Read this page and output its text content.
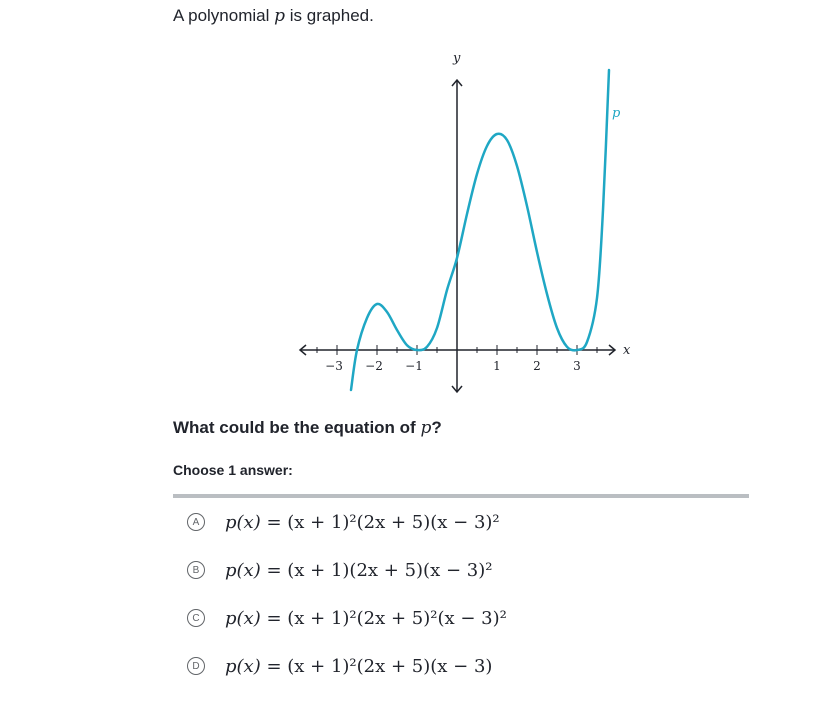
A polynomial p is graphed.
−3 −2 −1	1	2	3
x
y
p
What could be the equation of p?
Choose 1 answer:
A	p(x) = (x + 1)²(2x + 5)(x − 3)²
B	p(x) = (x + 1)(2x + 5)(x − 3)²
C p(x) = (x + 1)²(2x + 5)²(x − 3)²
D p(x) = (x + 1)²(2x + 5)(x − 3)
